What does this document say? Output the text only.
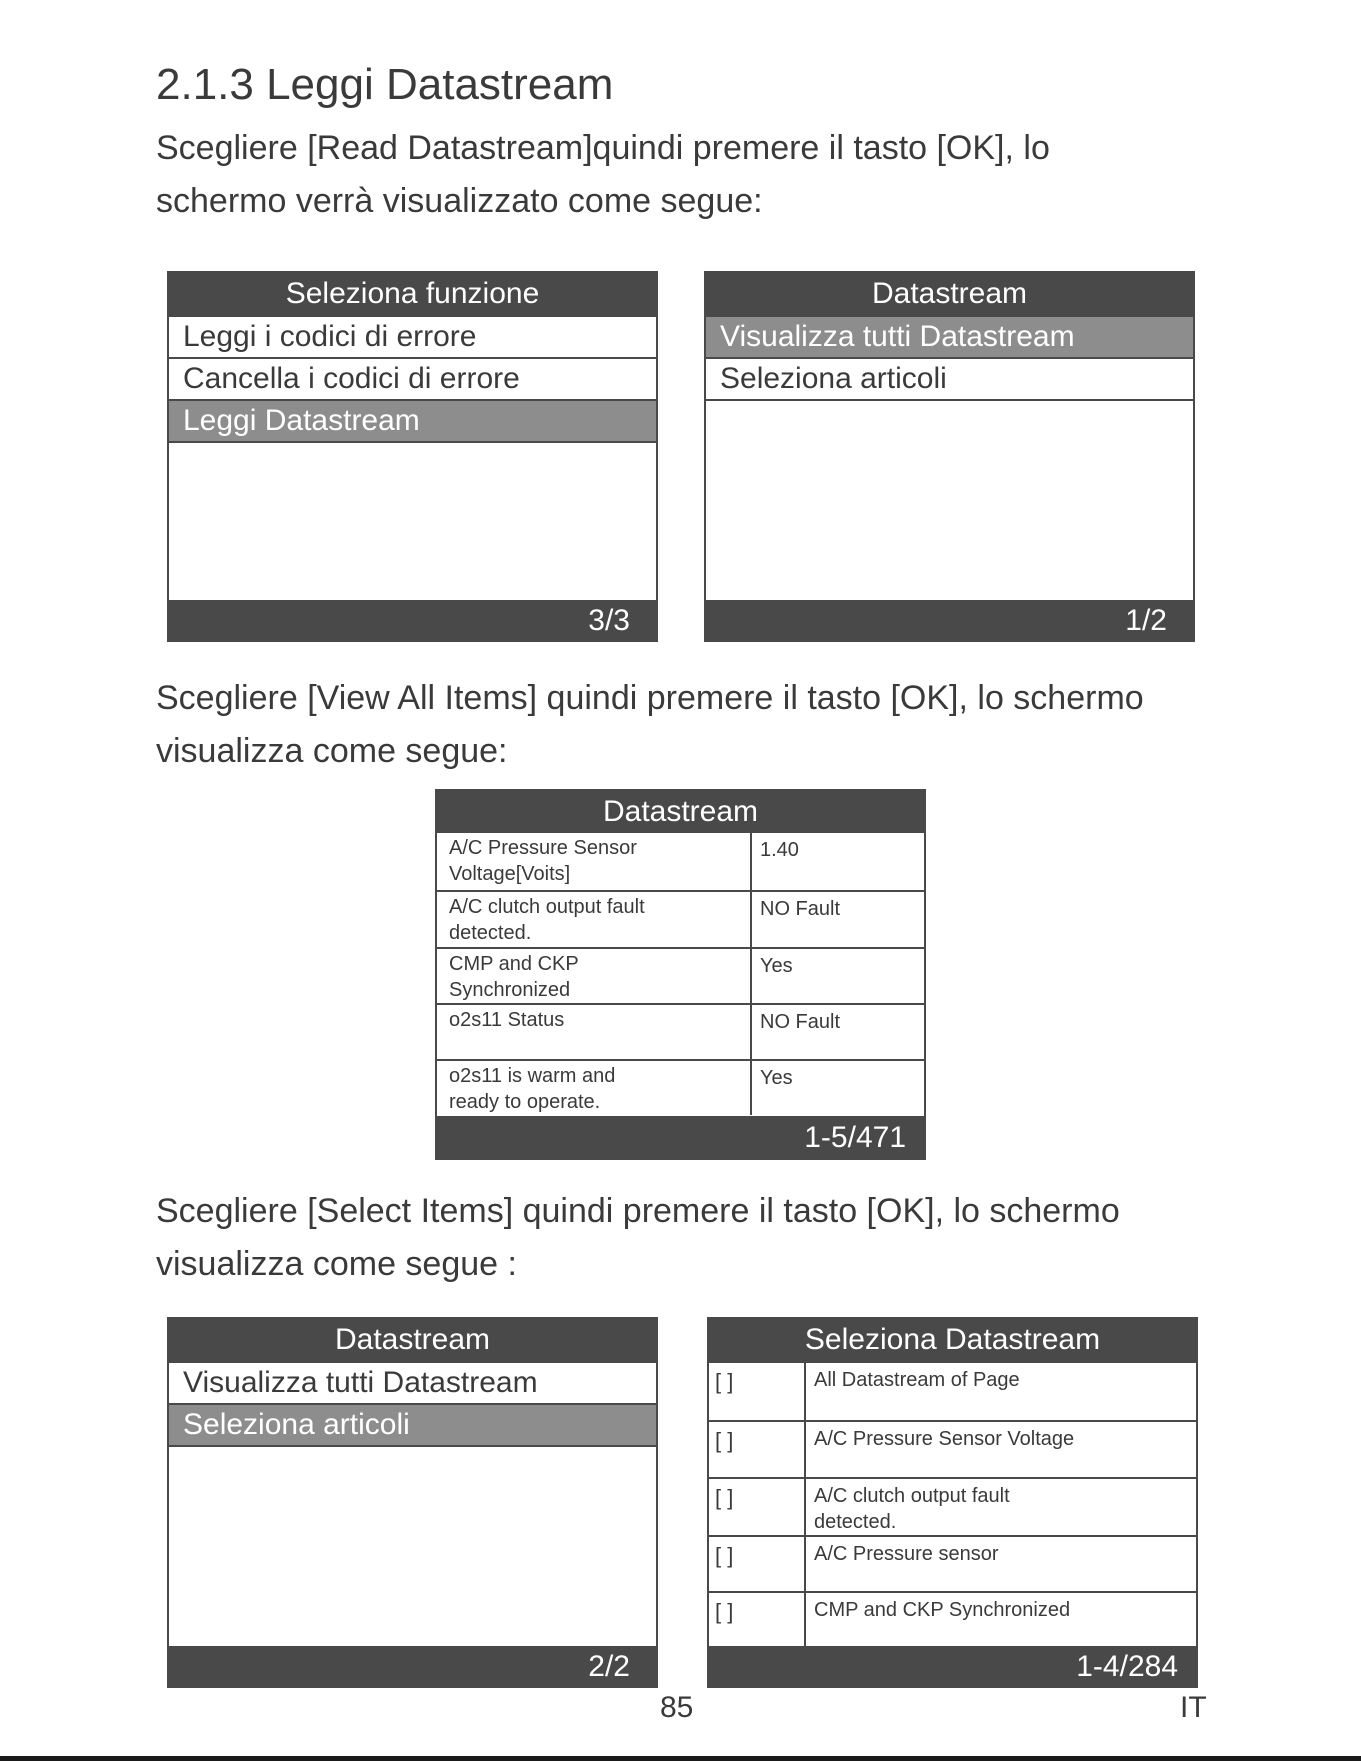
2.1.3 Leggi Datastream
Scegliere [Read Datastream]quindi premere il tasto [OK], lo
schermo verrà visualizzato come segue:
Seleziona funzione
Leggi i codici di errore
Cancella i codici di errore
Leggi Datastream
3/3
Datastream
Visualizza tutti Datastream
Seleziona articoli
1/2
Scegliere [View All Items] quindi premere il tasto [OK], lo schermo
visualizza come segue:
Datastream
A/C Pressure Sensor
Voltage[Voits]	1.40
A/C clutch output fault
detected.	NO Fault
CMP and CKP
Synchronized	Yes
o2s11 Status	NO Fault
o2s11 is warm and
ready to operate.	Yes
1-5/471
Scegliere [Select Items] quindi premere il tasto [OK], lo schermo
visualizza come segue :
Datastream
Visualizza tutti Datastream
Seleziona articoli
2/2
Seleziona Datastream
[ ]	All Datastream of Page

[ ]	A/C Pressure Sensor Voltage

[ ]	A/C clutch output fault
detected.
[ ]	A/C Pressure sensor

[ ]	CMP and CKP Synchronized

1-4/284
85	IT
